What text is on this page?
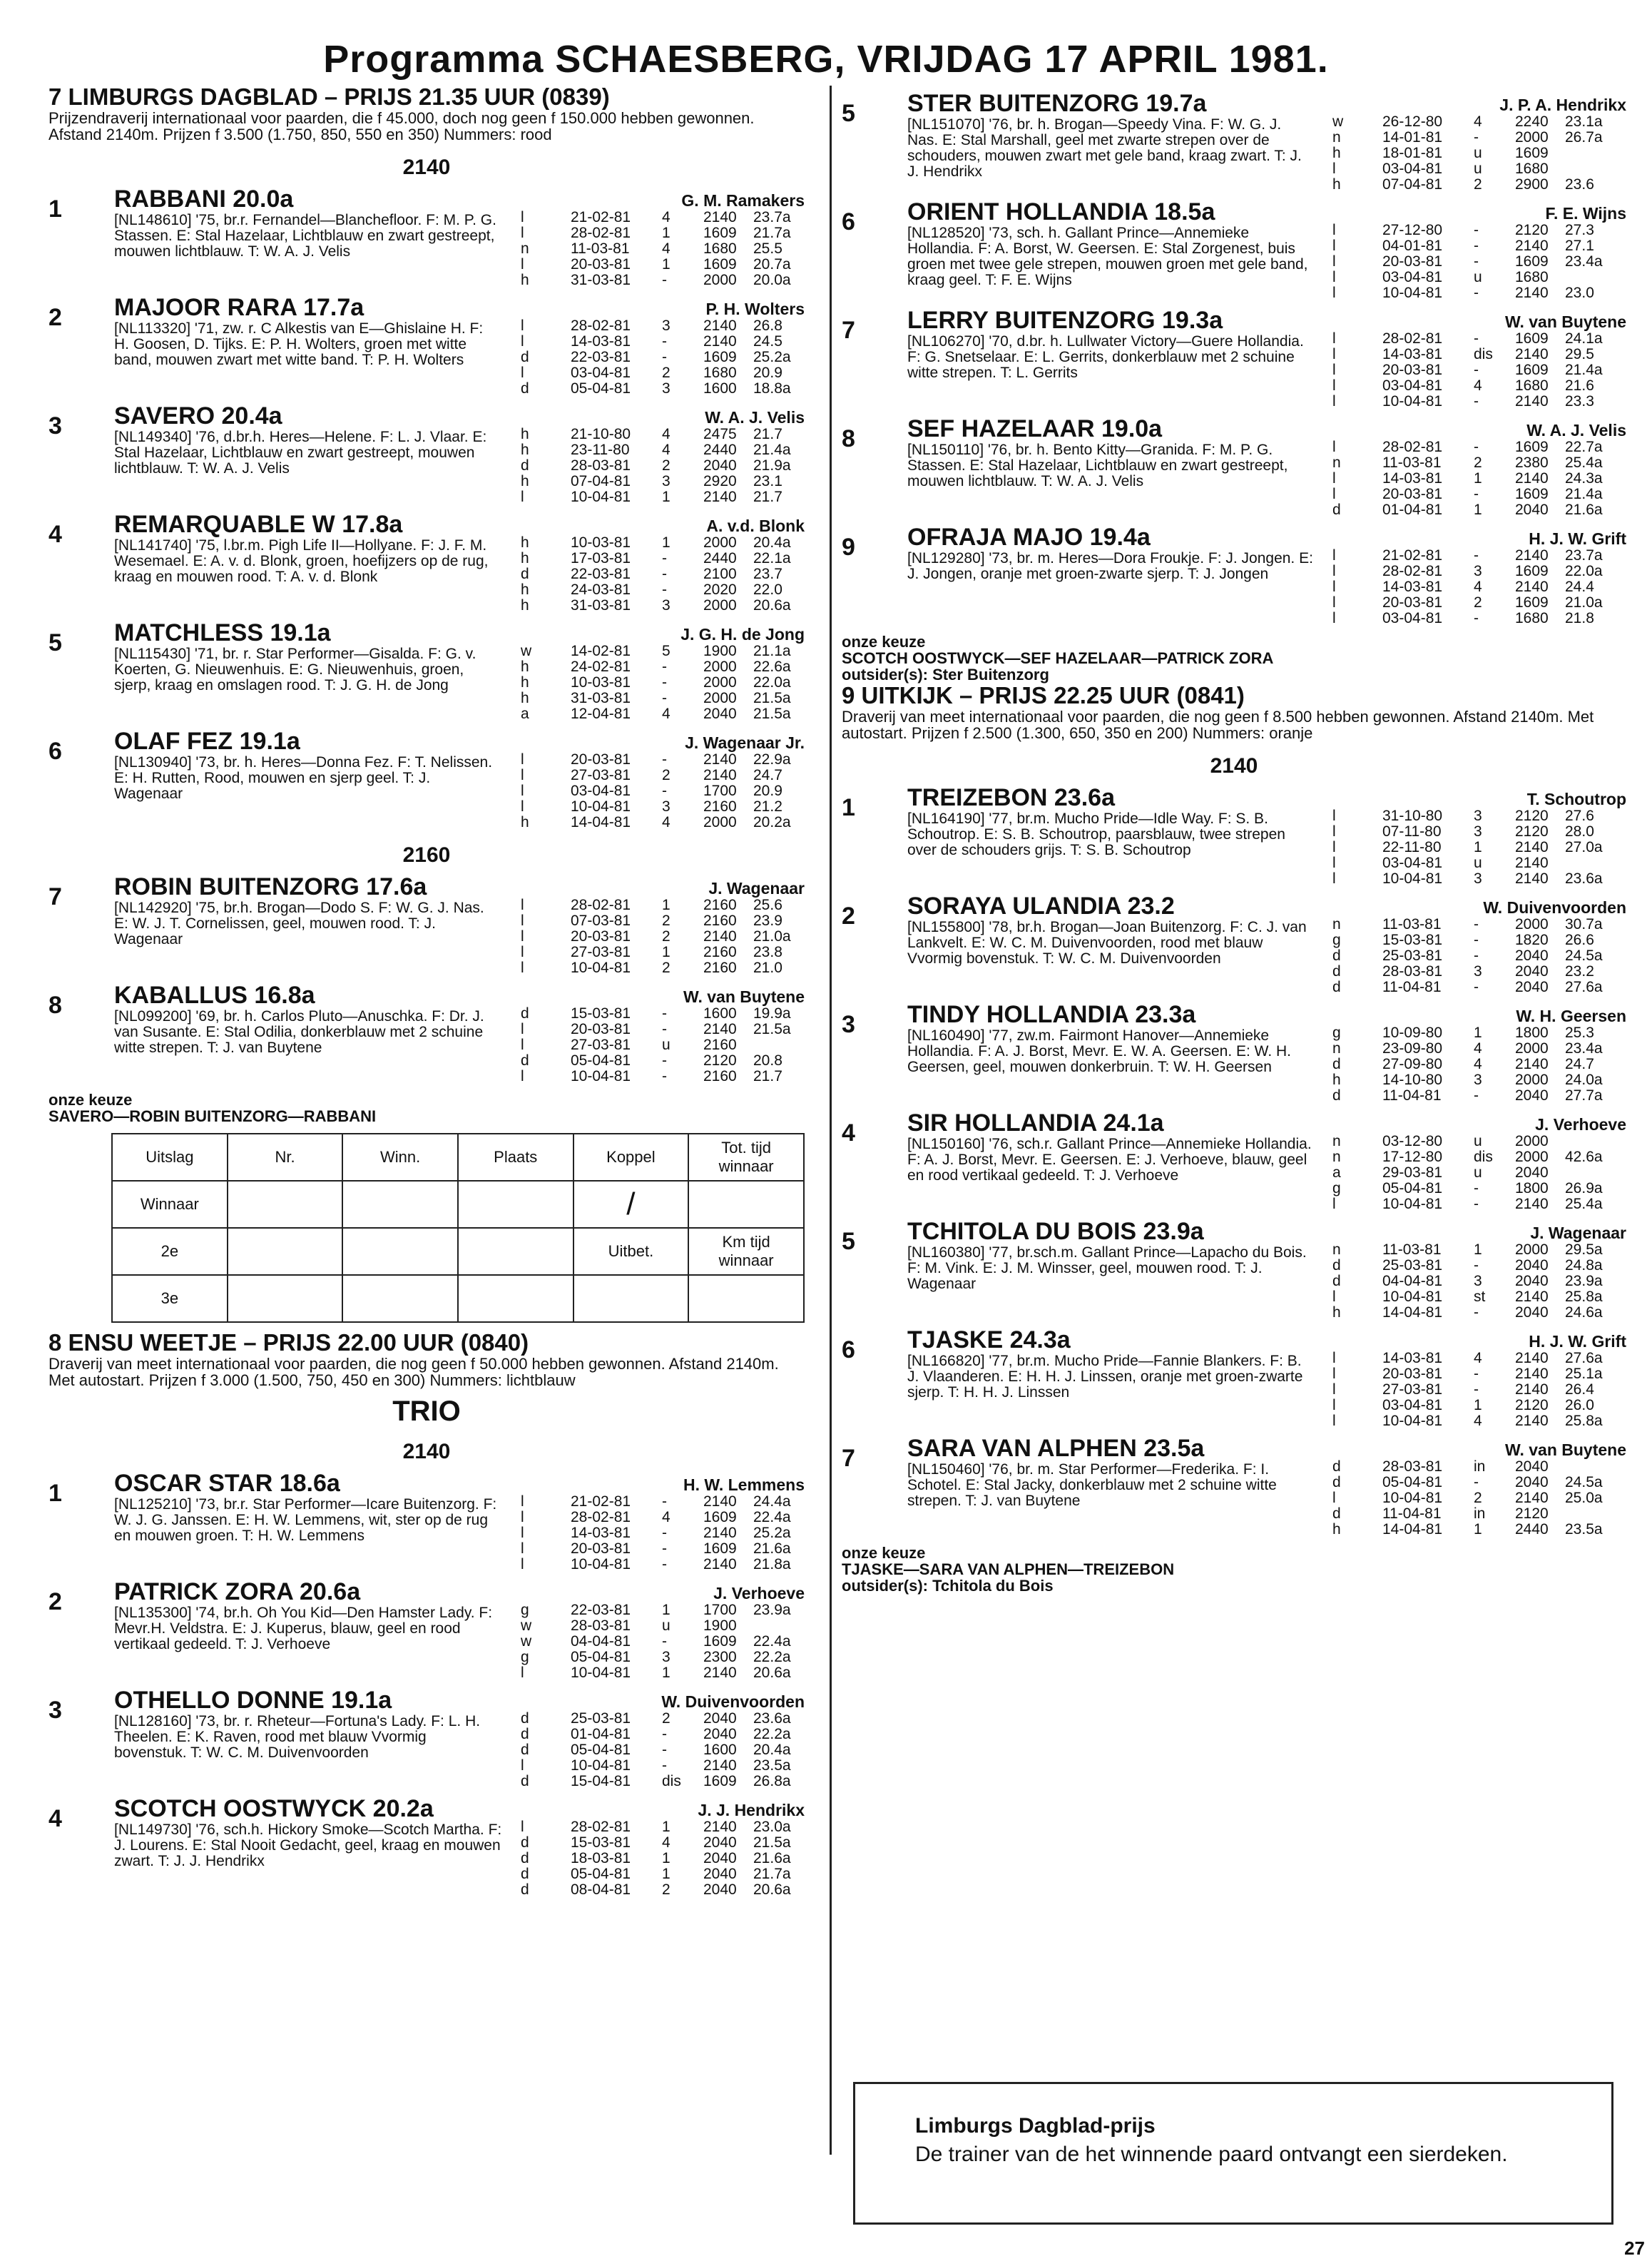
Programma SCHAESBERG, VRIJDAG 17 APRIL 1981.
7 LIMBURGS DAGBLAD – PRIJS 21.35 UUR (0839)
Prijzendraverij internationaal voor paarden, die f 45.000, doch nog geen f 150.000 hebben gewonnen. Afstand 2140m. Prijzen f 3.500 (1.750, 850, 550 en 350) Nummers: rood
2140
1 RABBANI 20.0a	G. M. Ramakers
[NL148610] '75, br.r. Fernandel—Blanchefloor. F: M. P. G. Stassen. E: Stal Hazelaar, Lichtblauw en zwart gestreept, mouwen lichtblauw. T: W. A. J. Velis
l	21-02-81	4	2140	23.7a
l	28-02-81	1	1609	21.7a
n	11-03-81	4	1680	25.5
l	20-03-81	1	1609	20.7a
h	31-03-81	-	2000	20.0a
2 MAJOOR RARA 17.7a	P. H. Wolters
[NL113320] '71, zw. r. C Alkestis van E—Ghislaine H. F: H. Goosen, D. Tijks. E: P. H. Wolters, groen met witte band, mouwen zwart met witte band. T: P. H. Wolters
l	28-02-81	3	2140	26.8
l	14-03-81	-	2140	24.5
d	22-03-81	-	1609	25.2a
l	03-04-81	2	1680	20.9
d	05-04-81	3	1600	18.8a
3 SAVERO 20.4a	W. A. J. Velis
[NL149340] '76, d.br.h. Heres—Helene. F: L. J. Vlaar. E: Stal Hazelaar, Lichtblauw en zwart gestreept, mouwen lichtblauw. T: W. A. J. Velis
h	21-10-80	4	2475	21.7
h	23-11-80	4	2440	21.4a
d	28-03-81	2	2040	21.9a
h	07-04-81	3	2920	23.1
l	10-04-81	1	2140	21.7
4 REMARQUABLE W 17.8a	A. v.d. Blonk
[NL141740] '75, l.br.m. Pigh Life II—Hollyane. F: J. F. M. Wesemael. E: A. v. d. Blonk, groen, hoefijzers op de rug, kraag en mouwen rood. T: A. v. d. Blonk
h	10-03-81	1	2000	20.4a
h	17-03-81	-	2440	22.1a
d	22-03-81	-	2100	23.7
h	24-03-81	-	2020	22.0
h	31-03-81	3	2000	20.6a
5 MATCHLESS 19.1a	J. G. H. de Jong
[NL115430] '71, br. r. Star Performer—Gisalda. F: G. v. Koerten, G. Nieuwenhuis. E: G. Nieuwenhuis, groen, sjerp, kraag en omslagen rood. T: J. G. H. de Jong
w	14-02-81	5	1900	21.1a
h	24-02-81	-	2000	22.6a
h	10-03-81	-	2000	22.0a
h	31-03-81	-	2000	21.5a
a	12-04-81	4	2040	21.5a
6 OLAF FEZ 19.1a	J. Wagenaar Jr.
[NL130940] '73, br. h. Heres—Donna Fez. F: T. Nelissen. E: H. Rutten, Rood, mouwen en sjerp geel. T: J. Wagenaar
l	20-03-81	-	2140	22.9a
l	27-03-81	2	2140	24.7
l	03-04-81	-	1700	20.9
l	10-04-81	3	2160	21.2
h	14-04-81	4	2000	20.2a
2160
7 ROBIN BUITENZORG 17.6a	J. Wagenaar
[NL142920] '75, br.h. Brogan—Dodo S. F: W. G. J. Nas. E: W. J. T. Cornelissen, geel, mouwen rood. T: J. Wagenaar
l	28-02-81	1	2160	25.6
l	07-03-81	2	2160	23.9
l	20-03-81	2	2140	21.0a
l	27-03-81	1	2160	23.8
l	10-04-81	2	2160	21.0
8 KABALLUS 16.8a	W. van Buytene
[NL099200] '69, br. h. Carlos Pluto—Anuschka. F: Dr. J. van Susante. E: Stal Odilia, donkerblauw met 2 schuine witte strepen. T: J. van Buytene
d	15-03-81	-	1600	19.9a
l	20-03-81	-	2140	21.5a
l	27-03-81	u	2160
d	05-04-81	-	2120	20.8
l	10-04-81	-	2160	21.7
onze keuze
SAVERO—ROBIN BUITENZORG—RABBANI
Uitslag	Nr.	Winn.	Plaats	Koppel	Tot. tijd winnaar
Winnaar				/	
2e				Uitbet.	Km tijd winnaar
3e					
8 ENSU WEETJE – PRIJS 22.00 UUR (0840)
Draverij van meet internationaal voor paarden, die nog geen f 50.000 hebben gewonnen. Afstand 2140m. Met autostart. Prijzen f 3.000 (1.500, 750, 450 en 300) Nummers: lichtblauw
TRIO
2140
1 OSCAR STAR 18.6a	H. W. Lemmens
[NL125210] '73, br.r. Star Performer—Icare Buitenzorg. F: W. J. G. Janssen. E: H. W. Lemmens, wit, ster op de rug en mouwen groen. T: H. W. Lemmens
l	21-02-81	-	2140	24.4a
l	28-02-81	4	1609	22.4a
l	14-03-81	-	2140	25.2a
l	20-03-81	-	1609	21.6a
l	10-04-81	-	2140	21.8a
2 PATRICK ZORA 20.6a	J. Verhoeve
[NL135300] '74, br.h. Oh You Kid—Den Hamster Lady. F: Mevr.H. Veldstra. E: J. Kuperus, blauw, geel en rood vertikaal gedeeld. T: J. Verhoeve
g	22-03-81	1	1700	23.9a
w	28-03-81	u	1900
w	04-04-81	-	1609	22.4a
g	05-04-81	3	2300	22.2a
l	10-04-81	1	2140	20.6a
3 OTHELLO DONNE 19.1a	W. Duivenvoorden
[NL128160] '73, br. r. Rheteur—Fortuna's Lady. F: L. H. Theelen. E: K. Raven, rood met blauw Vvormig bovenstuk. T: W. C. M. Duivenvoorden
d	25-03-81	2	2040	23.6a
d	01-04-81	-	2040	22.2a
d	05-04-81	-	1600	20.4a
l	10-04-81	-	2140	23.5a
d	15-04-81	dis	1609	26.8a
4 SCOTCH OOSTWYCK 20.2a	J. J. Hendrikx
[NL149730] '76, sch.h. Hickory Smoke—Scotch Martha. F: J. Lourens. E: Stal Nooit Gedacht, geel, kraag en mouwen zwart. T: J. J. Hendrikx
l	28-02-81	1	2140	23.0a
d	15-03-81	4	2040	21.5a
d	18-03-81	1	2040	21.6a
d	05-04-81	1	2040	21.7a
d	08-04-81	2	2040	20.6a
5 STER BUITENZORG 19.7a	J. P. A. Hendrikx
[NL151070] '76, br. h. Brogan—Speedy Vina. F: W. G. J. Nas. E: Stal Marshall, geel met zwarte strepen over de schouders, mouwen zwart met gele band, kraag zwart. T: J. J. Hendrikx
w	26-12-80	4	2240	23.1a
n	14-01-81	-	2000	26.7a
h	18-01-81	u	1609
l	03-04-81	u	1680
h	07-04-81	2	2900	23.6
6 ORIENT HOLLANDIA 18.5a	F. E. Wijns
[NL128520] '73, sch. h. Gallant Prince—Annemieke Hollandia. F: A. Borst, W. Geersen. E: Stal Zorgenest, buis groen met twee gele strepen, mouwen groen met gele band, kraag geel. T: F. E. Wijns
l	27-12-80	-	2120	27.3
l	04-01-81	-	2140	27.1
l	20-03-81	-	1609	23.4a
l	03-04-81	u	1680
l	10-04-81	-	2140	23.0
7 LERRY BUITENZORG 19.3a	W. van Buytene
[NL106270] '70, d.br. h. Lullwater Victory—Guere Hollandia. F: G. Snetselaar. E: L. Gerrits, donkerblauw met 2 schuine witte strepen. T: L. Gerrits
l	28-02-81	-	1609	24.1a
l	14-03-81	dis	2140	29.5
l	20-03-81	-	1609	21.4a
l	03-04-81	4	1680	21.6
l	10-04-81	-	2140	23.3
8 SEF HAZELAAR 19.0a	W. A. J. Velis
[NL150110] '76, br. h. Bento Kitty—Granida. F: M. P. G. Stassen. E: Stal Hazelaar, Lichtblauw en zwart gestreept, mouwen lichtblauw. T: W. A. J. Velis
l	28-02-81	-	1609	22.7a
n	11-03-81	2	2380	25.4a
l	14-03-81	1	2140	24.3a
l	20-03-81	-	1609	21.4a
d	01-04-81	1	2040	21.6a
9 OFRAJA MAJO 19.4a	H. J. W. Grift
[NL129280] '73, br. m. Heres—Dora Froukje. F: J. Jongen. E: J. Jongen, oranje met groen-zwarte sjerp. T: J. Jongen
l	21-02-81	-	2140	23.7a
l	28-02-81	3	1609	22.0a
l	14-03-81	4	2140	24.4
l	20-03-81	2	1609	21.0a
l	03-04-81	-	1680	21.8
onze keuze
SCOTCH OOSTWYCK—SEF HAZELAAR—PATRICK ZORA
outsider(s): Ster Buitenzorg
9 UITKIJK – PRIJS 22.25 UUR (0841)
Draverij van meet internationaal voor paarden, die nog geen f 8.500 hebben gewonnen. Afstand 2140m. Met autostart. Prijzen f 2.500 (1.300, 650, 350 en 200) Nummers: oranje
2140
1 TREIZEBON 23.6a	T. Schoutrop
[NL164190] '77, br.m. Mucho Pride—Idle Way. F: S. B. Schoutrop. E: S. B. Schoutrop, paarsblauw, twee strepen over de schouders grijs. T: S. B. Schoutrop
l	31-10-80	3	2120	27.6
l	07-11-80	3	2120	28.0
l	22-11-80	1	2140	27.0a
l	03-04-81	u	2140
l	10-04-81	3	2140	23.6a
2 SORAYA ULANDIA 23.2	W. Duivenvoorden
[NL155800] '78, br.h. Brogan—Joan Buitenzorg. F: C. J. van Lankvelt. E: W. C. M. Duivenvoorden, rood met blauw Vvormig bovenstuk. T: W. C. M. Duivenvoorden
n	11-03-81	-	2000	30.7a
g	15-03-81	-	1820	26.6
d	25-03-81	-	2040	24.5a
d	28-03-81	3	2040	23.2
d	11-04-81	-	2040	27.6a
3 TINDY HOLLANDIA 23.3a	W. H. Geersen
[NL160490] '77, zw.m. Fairmont Hanover—Annemieke Hollandia. F: A. J. Borst, Mevr. E. W. A. Geersen. E: W. H. Geersen, geel, mouwen donkerbruin. T: W. H. Geersen
g	10-09-80	1	1800	25.3
n	23-09-80	4	2000	23.4a
d	27-09-80	4	2140	24.7
h	14-10-80	3	2000	24.0a
d	11-04-81	-	2040	27.7a
4 SIR HOLLANDIA 24.1a	J. Verhoeve
[NL150160] '76, sch.r. Gallant Prince—Annemieke Hollandia. F: A. J. Borst, Mevr. E. Geersen. E: J. Verhoeve, blauw, geel en rood vertikaal gedeeld. T: J. Verhoeve
n	03-12-80	u	2000
n	17-12-80	dis	2000	42.6a
a	29-03-81	u	2040
g	05-04-81	-	1800	26.9a
l	10-04-81	-	2140	25.4a
5 TCHITOLA DU BOIS 23.9a	J. Wagenaar
[NL160380] '77, br.sch.m. Gallant Prince—Lapacho du Bois. F: M. Vink. E: J. M. Winsser, geel, mouwen rood. T: J. Wagenaar
n	11-03-81	1	2000	29.5a
d	25-03-81	-	2040	24.8a
d	04-04-81	3	2040	23.9a
l	10-04-81	st	2140	25.8a
h	14-04-81	-	2040	24.6a
6 TJASKE 24.3a	H. J. W. Grift
[NL166820] '77, br.m. Mucho Pride—Fannie Blankers. F: B. J. Vlaanderen. E: H. H. J. Linssen, oranje met groen-zwarte sjerp. T: H. H. J. Linssen
l	14-03-81	4	2140	27.6a
l	20-03-81	-	2140	25.1a
l	27-03-81	-	2140	26.4
l	03-04-81	1	2120	26.0
l	10-04-81	4	2140	25.8a
7 SARA VAN ALPHEN 23.5a	W. van Buytene
[NL150460] '76, br. m. Star Performer—Frederika. F: I. Schotel. E: Stal Jacky, donkerblauw met 2 schuine witte strepen. T: J. van Buytene
d	28-03-81	in	2040
d	05-04-81	-	2040	24.5a
l	10-04-81	2	2140	25.0a
d	11-04-81	in	2120
h	14-04-81	1	2440	23.5a
onze keuze
TJASKE—SARA VAN ALPHEN—TREIZEBON
outsider(s): Tchitola du Bois
Limburgs Dagblad-prijs
De trainer van de het winnende paard ontvangt een sierdeken.
27
